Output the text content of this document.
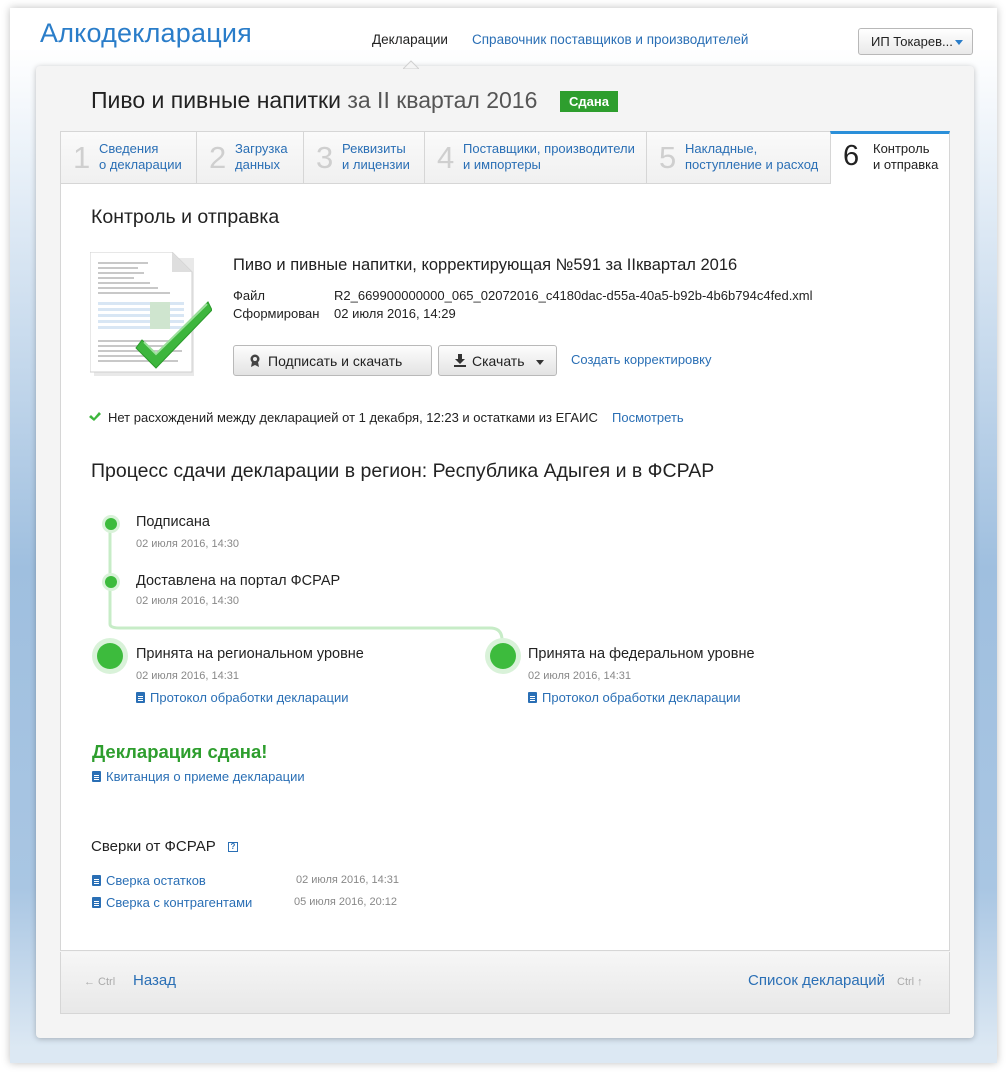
Алкодекларация	Декларации Справочник поставщиков и производителей	ИП Токарев...
Пиво и пивные напитки за II квартал 2016	Сдана
1 Сведения
о декларации 2 Загрузка
данных 3 Реквизиты
и лицензии 4 Поставщики, производители
и импортеры	5 Накладные,
поступление и расход 6 Контроль
и отправка
Контроль и отправка
Пиво и пивные напитки, корректирующая №591 за IIквартал 2016
Файл	R2_669900000000_065_02072016_c4180dac-d55a-40a5-b92b-4b6b794c4fed.xml
Сформирован 02 июля 2016, 14:29
Подписать и скачать	Скачать	Создать корректировку
Нет расхождений между декларацией от 1 декабря, 12:23 и остатками из ЕГАИС Посмотреть
Процесс сдачи декларации в регион: Республика Адыгея и в ФСРАР
Подписана
02 июля 2016, 14:30
Доставлена на портал ФСРАР
02 июля 2016, 14:30
Принята на региональном уровне
02 июля 2016, 14:31
Протокол обработки декларации
Принята на федеральном уровне
02 июля 2016, 14:31
Протокол обработки декларации
Декларация сдана!
Квитанция о приеме декларации
Сверки от ФСРАР	?
Сверка остатков	02 июля 2016, 14:31
Сверка с контрагентами	05 июля 2016, 20:12
← Ctrl Назад	Список деклараций Ctrl ↑
